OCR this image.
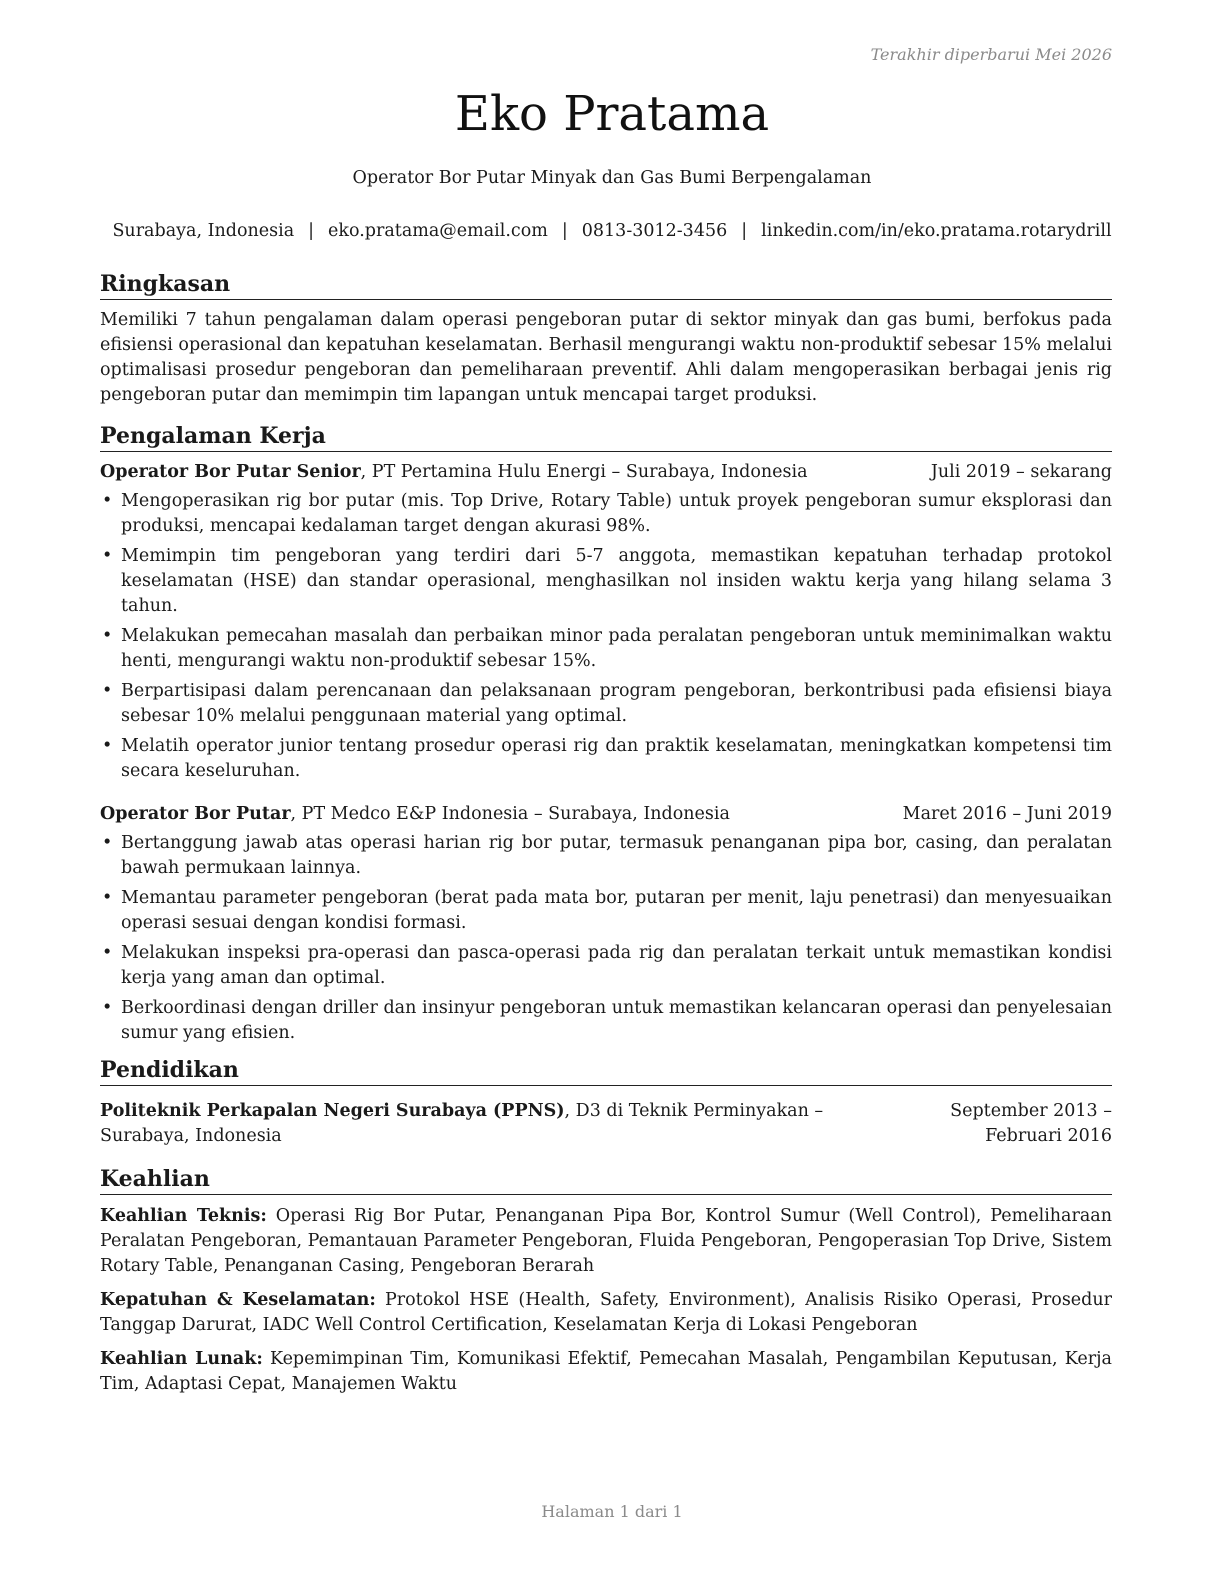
Terakhir diperbarui Mei 2026
Eko Pratama
Operator Bor Putar Minyak dan Gas Bumi Berpengalaman
Surabaya, Indonesia | eko.pratama@email.com | 0813-3012-3456 | linkedin.com/in/eko.pratama.rotarydrill
Ringkasan

Memiliki 7 tahun pengalaman dalam operasi pengeboran putar di sektor minyak dan gas bumi, berfokus pada efisiensi operasional dan kepatuhan keselamatan. Berhasil mengurangi waktu non-produktif sebesar 15% melalui optimalisasi prosedur pengeboran dan pemeliharaan preventif. Ahli dalam mengoperasikan berbagai jenis rig pengeboran putar dan memimpin tim lapangan untuk mencapai target produksi.

Pengalaman Kerja
Operator Bor Putar Senior, PT Pertamina Hulu Energi – Surabaya, Indonesia	Juli 2019 – sekarang
• Mengoperasikan rig bor putar (mis. Top Drive, Rotary Table) untuk proyek pengeboran sumur eksplorasi dan produksi, mencapai kedalaman target dengan akurasi 98%.
• Memimpin tim pengeboran yang terdiri dari 5-7 anggota, memastikan kepatuhan terhadap protokol keselamatan (HSE) dan standar operasional, menghasilkan nol insiden waktu kerja yang hilang selama 3 tahun.
• Melakukan pemecahan masalah dan perbaikan minor pada peralatan pengeboran untuk meminimalkan waktu henti, mengurangi waktu non-produktif sebesar 15%.
• Berpartisipasi dalam perencanaan dan pelaksanaan program pengeboran, berkontribusi pada efisiensi biaya sebesar 10% melalui penggunaan material yang optimal.
• Melatih operator junior tentang prosedur operasi rig dan praktik keselamatan, meningkatkan kompetensi tim secara keseluruhan.
Operator Bor Putar, PT Medco E&P Indonesia – Surabaya, Indonesia	Maret 2016 – Juni 2019
• Bertanggung jawab atas operasi harian rig bor putar, termasuk penanganan pipa bor, casing, dan peralatan bawah permukaan lainnya.
• Memantau parameter pengeboran (berat pada mata bor, putaran per menit, laju penetrasi) dan menyesuaikan operasi sesuai dengan kondisi formasi.
• Melakukan inspeksi pra-operasi dan pasca-operasi pada rig dan peralatan terkait untuk memastikan kondisi kerja yang aman dan optimal.
• Berkoordinasi dengan driller dan insinyur pengeboran untuk memastikan kelancaran operasi dan penyelesaian sumur yang efisien.
Pendidikan
Politeknik Perkapalan Negeri Surabaya (PPNS), D3 di Teknik Perminyakan – Surabaya, Indonesia
September 2013 – Februari 2016
Keahlian
Keahlian Teknis: Operasi Rig Bor Putar, Penanganan Pipa Bor, Kontrol Sumur (Well Control), Pemeliharaan Peralatan Pengeboran, Pemantauan Parameter Pengeboran, Fluida Pengeboran, Pengoperasian Top Drive, Sistem Rotary Table, Penanganan Casing, Pengeboran Berarah
Kepatuhan & Keselamatan: Protokol HSE (Health, Safety, Environment), Analisis Risiko Operasi, Prosedur Tanggap Darurat, IADC Well Control Certification, Keselamatan Kerja di Lokasi Pengeboran
Keahlian Lunak: Kepemimpinan Tim, Komunikasi Efektif, Pemecahan Masalah, Pengambilan Keputusan, Kerja Tim, Adaptasi Cepat, Manajemen Waktu
Halaman 1 dari 1
